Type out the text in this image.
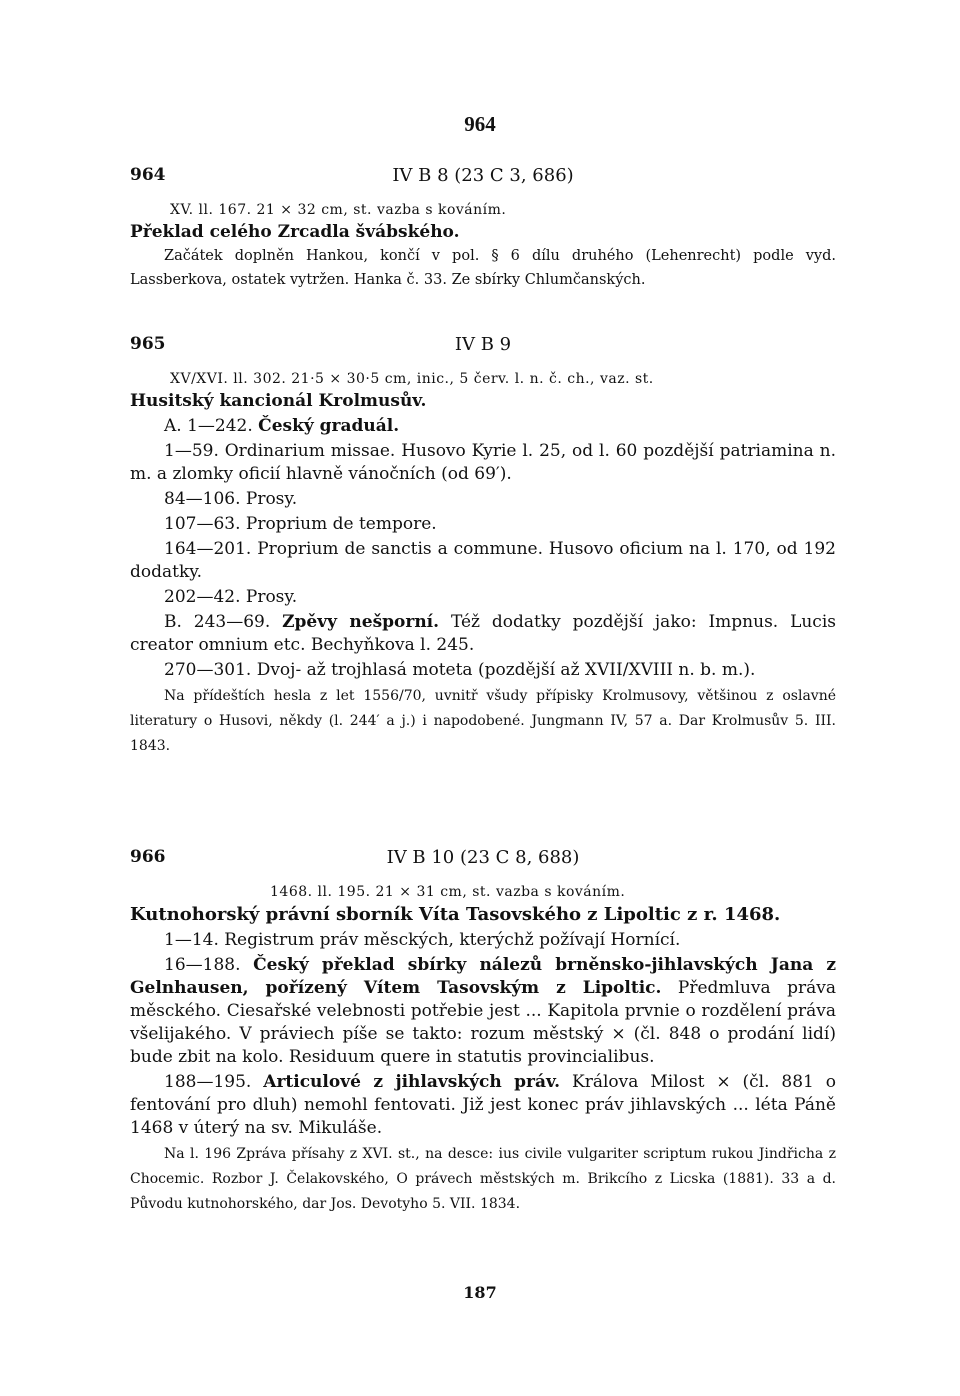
964
964	IV B 8 (23 C 3, 686)

XV. ll. 167. 21 × 32 cm, st. vazba s kováním.

Překlad celého Zrcadla švábského.

Začátek doplněn Hankou, končí v pol. § 6 dílu druhého (Lehenrecht) podle vyd. Lassberkova, ostatek vytržen. Hanka č. 33. Ze sbírky Chlumčanských.

965	IV B 9

XV/XVI. ll. 302. 21·5 × 30·5 cm, inic., 5 červ. l. n. č. ch., vaz. st.

Husitský kancionál Krolmusův.

A. 1—242. Český graduál.

1—59. Ordinarium missae. Husovo Kyrie l. 25, od l. 60 pozdější patriamina n. m. a zlomky oficií hlavně vánočních (od 69′).

84—106. Prosy.

107—63. Proprium de tempore.

164—201. Proprium de sanctis a commune. Husovo oficium na l. 170, od 192 dodatky.

202—42. Prosy.

B. 243—69. Zpěvy nešporní. Též dodatky pozdější jako: Impnus. Lucis creator omnium etc. Bechyňkova l. 245.

270—301. Dvoj- až trojhlasá moteta (pozdější až XVII/XVIII n. b. m.).

Na přídeštích hesla z let 1556/70, uvnitř všudy přípisky Krolmusovy, většinou z oslavné literatury o Husovi, někdy (l. 244′ a j.) i napodobené. Jungmann IV, 57 a. Dar Krolmusův 5. III. 1843.

966	IV B 10 (23 C 8, 688)

1468. ll. 195. 21 × 31 cm, st. vazba s kováním.

Kutnohorský právní sborník Víta Tasovského z Lipoltic z r. 1468.

1—14. Registrum práv měsckých, kterýchž požívají Hornící.

16—188. Český překlad sbírky nálezů brněnsko-jihlavských Jana z Gelnhausen, pořízený Vítem Tasovským z Lipoltic. Předmluva práva měsckého. Ciesařské velebnosti potřebie jest ... Kapitola prvnie o rozdělení práva všelijakého. V práviech píše se takto: rozum městský × (čl. 848 o prodání lidí) bude zbit na kolo. Residuum quere in statutis provincialibus.

188—195. Articulové z jihlavských práv. Králova Milost × (čl. 881 o fentování pro dluh) nemohl fentovati. Již jest konec práv jihlavských ... léta Páně 1468 v úterý na sv. Mikuláše.

Na l. 196 Zpráva přísahy z XVI. st., na desce: ius civile vulgariter scriptum rukou Jindřicha z Chocemic. Rozbor J. Čelakovského, O právech městských m. Brikcího z Licska (1881). 33 a d. Původu kutnohorského, dar Jos. Devotyho 5. VII. 1834.

187
